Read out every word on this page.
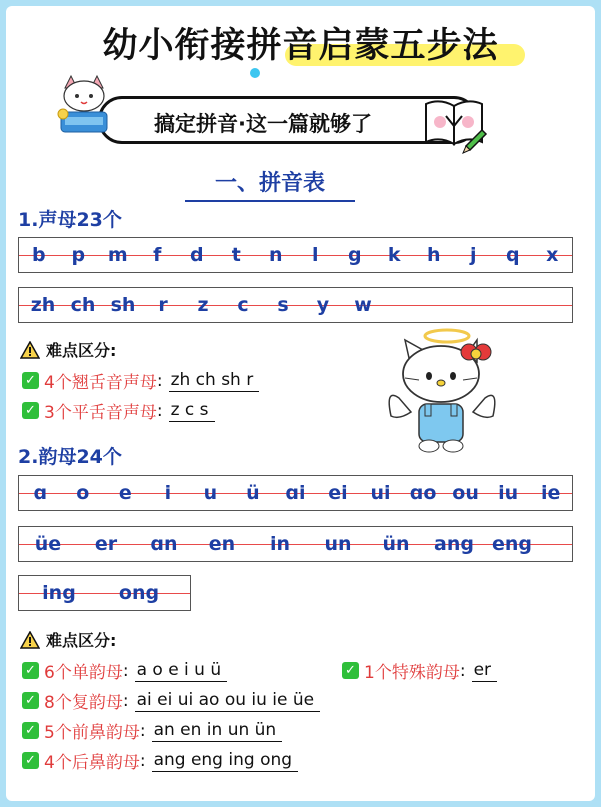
幼小衔接拼音启蒙五步法
搞定拼音·这一篇就够了
一、拼音表
1.声母23个
b	p	m	f	d	t	n	l	g	k	h	j	q	x
zh ch sh	r	z	c	s	y	w
难点区分:
✓ 4个翘舌音声母 : zh ch sh r
✓ 3个平舌音声母 : z c s
2.韵母24个
ɑ	o	e	i	u	ü	ɑi	ei	ui	ɑo ou	iu	ie
üe	er	ɑn	en	in	un	ün	ang eng
ing	ong
难点区分:
✓ 6个单韵母 : a o e i u ü	✓ 1个特殊韵母 : er
✓ 8个复韵母 : ai ei ui ao ou iu ie üe
✓ 5个前鼻韵母 : an en in un ün
✓ 4个后鼻韵母 : ang eng ing ong
